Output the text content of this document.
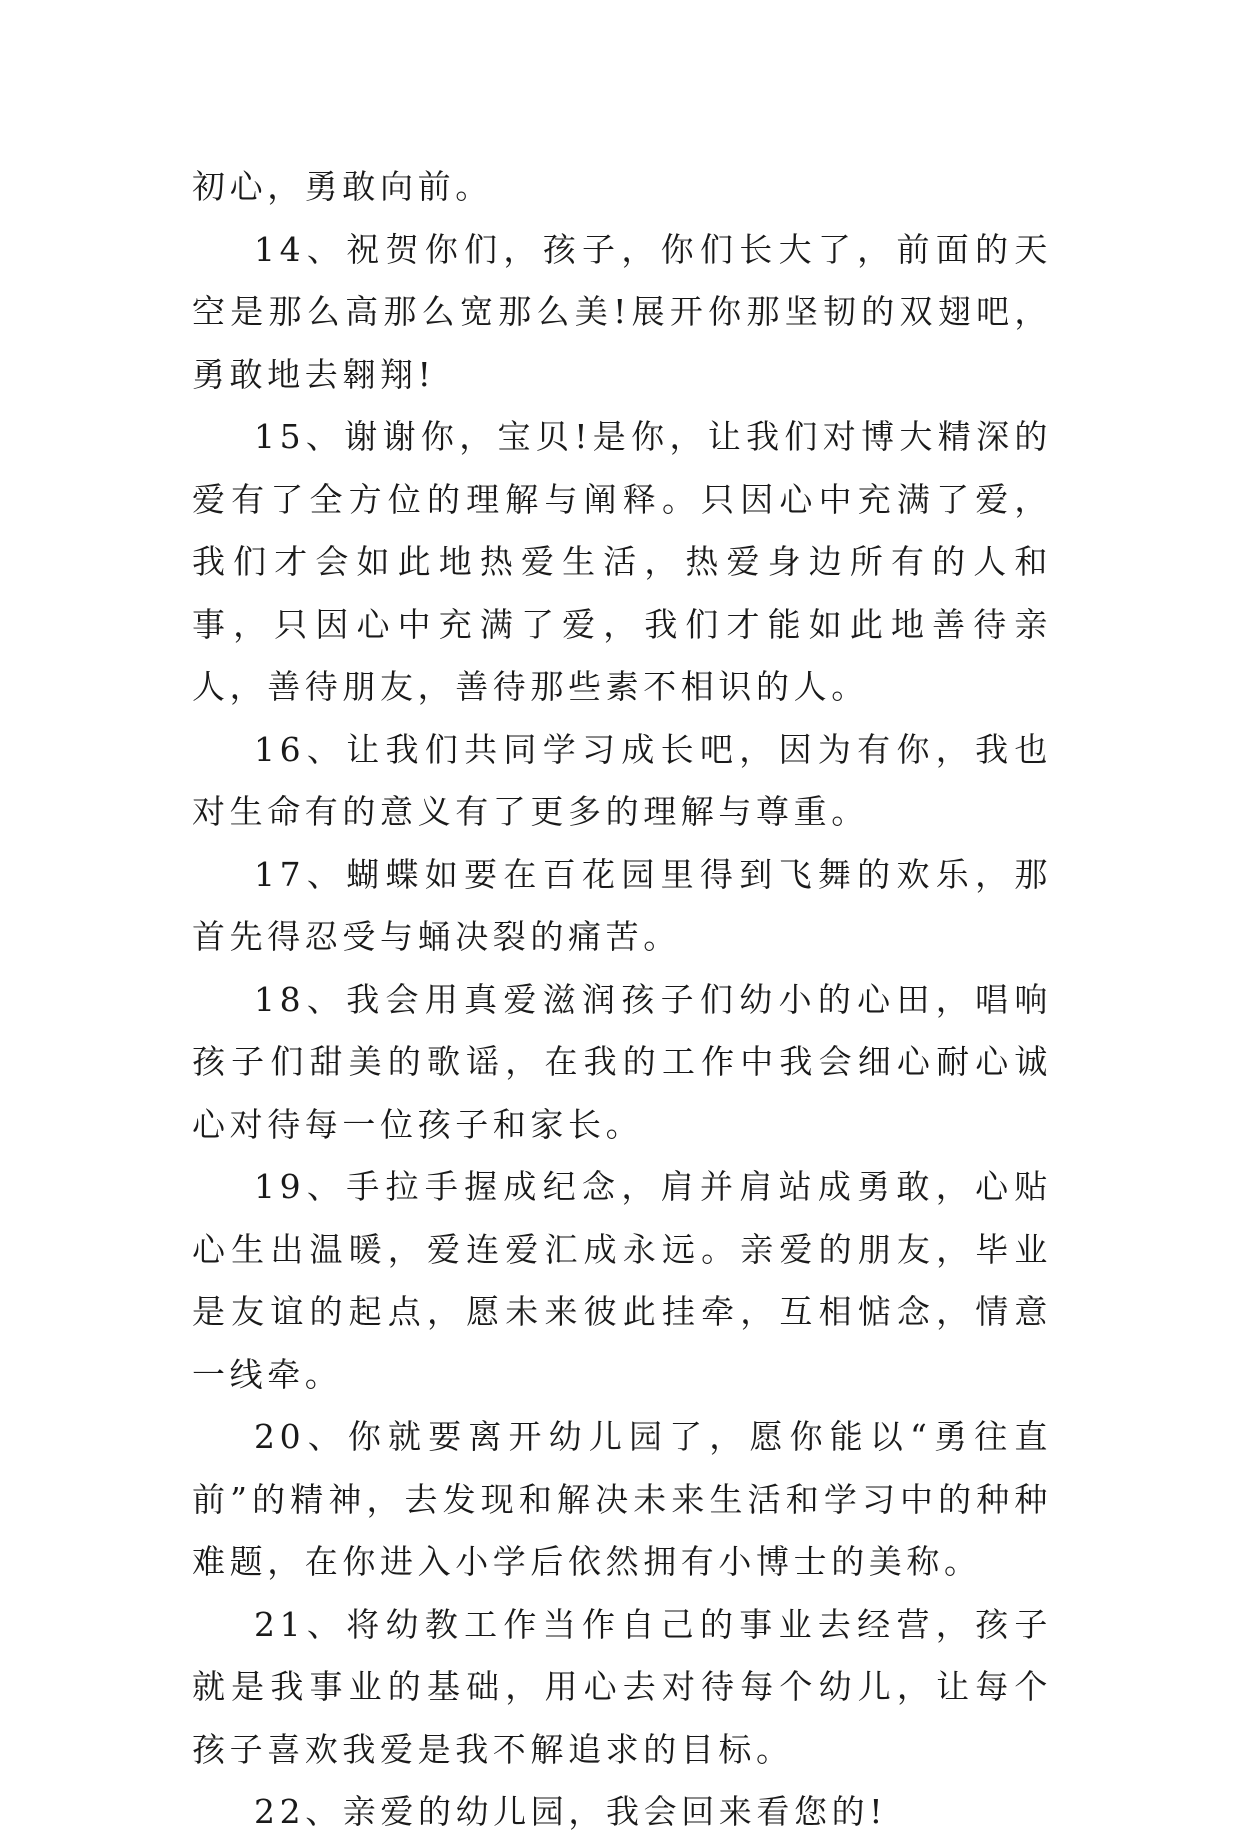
初心，勇敢向前。

14、祝贺你们，孩子，你们长大了，前面的天空是那么高那么宽那么美!展开你那坚韧的双翅吧，勇敢地去翱翔!

15、谢谢你，宝贝!是你，让我们对博大精深的爱有了全方位的理解与阐释。只因心中充满了爱，我们才会如此地热爱生活，热爱身边所有的人和事，只因心中充满了爱，我们才能如此地善待亲人，善待朋友，善待那些素不相识的人。

16、让我们共同学习成长吧，因为有你，我也对生命有的意义有了更多的理解与尊重。

17、蝴蝶如要在百花园里得到飞舞的欢乐，那首先得忍受与蛹决裂的痛苦。

18、我会用真爱滋润孩子们幼小的心田，唱响孩子们甜美的歌谣，在我的工作中我会细心耐心诚心对待每一位孩子和家长。

19、手拉手握成纪念，肩并肩站成勇敢，心贴心生出温暖，爱连爱汇成永远。亲爱的朋友，毕业是友谊的起点，愿未来彼此挂牵，互相惦念，情意一线牵。

20、你就要离开幼儿园了，愿你能以“勇往直前”的精神，去发现和解决未来生活和学习中的种种难题，在你进入小学后依然拥有小博士的美称。

21、将幼教工作当作自己的事业去经营，孩子就是我事业的基础，用心去对待每个幼儿，让每个孩子喜欢我爱是我不解追求的目标。

22、亲爱的幼儿园，我会回来看您的!
